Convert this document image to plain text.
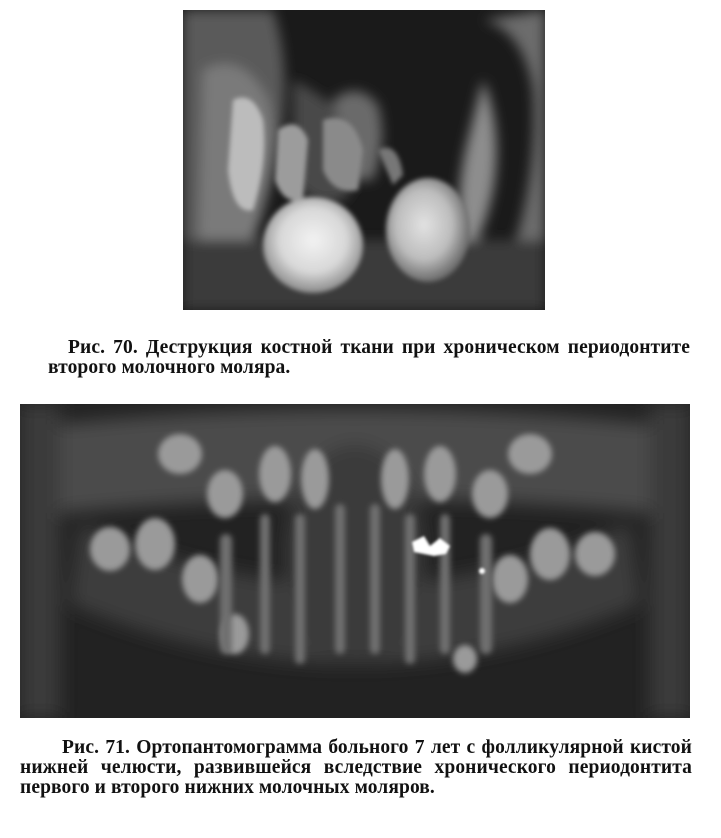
Рис. 70. Деструкция костной ткани при хроническом периодонтите второго молочного моляра.

Рис. 71. Ортопантомограмма больного 7 лет с фолликулярной кистой нижней челюсти, развившейся вследствие хронического периодонтита первого и второго нижних молочных моляров.
